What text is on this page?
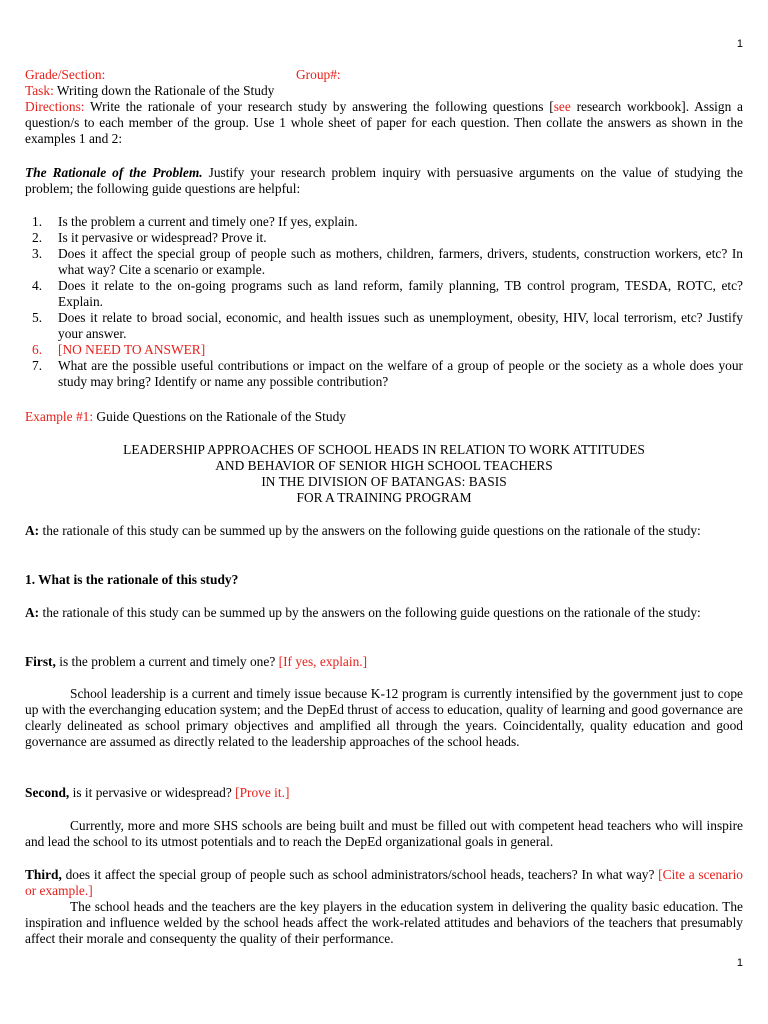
1
Grade/Section:	Group#:

Task: Writing down the Rationale of the Study

Directions: Write the rationale of your research study by answering the following questions [see research workbook]. Assign a question/s to each member of the group. Use 1 whole sheet of paper for each question. Then collate the answers as shown in the examples 1 and 2:

The Rationale of the Problem. Justify your research problem inquiry with persuasive arguments on the value of studying the problem; the following guide questions are helpful:

1. Is the problem a current and timely one? If yes, explain.
2. Is it pervasive or widespread? Prove it.
3. Does it affect the special group of people such as mothers, children, farmers, drivers, students, construction workers, etc? In what way? Cite a scenario or example.
4. Does it relate to the on-going programs such as land reform, family planning, TB control program, TESDA, ROTC, etc? Explain.
5. Does it relate to broad social, economic, and health issues such as unemployment, obesity, HIV, local terrorism, etc? Justify your answer.
6. [NO NEED TO ANSWER]
7. What are the possible useful contributions or impact on the welfare of a group of people or the society as a whole does your study may bring? Identify or name any possible contribution?

Example #1: Guide Questions on the Rationale of the Study

LEADERSHIP APPROACHES OF SCHOOL HEADS IN RELATION TO WORK ATTITUDES

AND BEHAVIOR OF SENIOR HIGH SCHOOL TEACHERS

IN THE DIVISION OF BATANGAS: BASIS

FOR A TRAINING PROGRAM

A: the rationale of this study can be summed up by the answers on the following guide questions on the rationale of the study:

1. What is the rationale of this study?

A: the rationale of this study can be summed up by the answers on the following guide questions on the rationale of the study:

First, is the problem a current and timely one? [If yes, explain.]

School leadership is a current and timely issue because K-12 program is currently intensified by the government just to cope up with the everchanging education system; and the DepEd thrust of access to education, quality of learning and good governance are clearly delineated as school primary objectives and amplified all through the years. Coincidentally, quality education and good governance are assumed as directly related to the leadership approaches of the school heads.

Second, is it pervasive or widespread? [Prove it.]

Currently, more and more SHS schools are being built and must be filled out with competent head teachers who will inspire and lead the school to its utmost potentials and to reach the DepEd organizational goals in general.

Third, does it affect the special group of people such as school administrators/school heads, teachers? In what way? [Cite a scenario or example.]

The school heads and the teachers are the key players in the education system in delivering the quality basic education. The inspiration and influence welded by the school heads affect the work-related attitudes and behaviors of the teachers that presumably affect their morale and consequenty the quality of their performance.

1
